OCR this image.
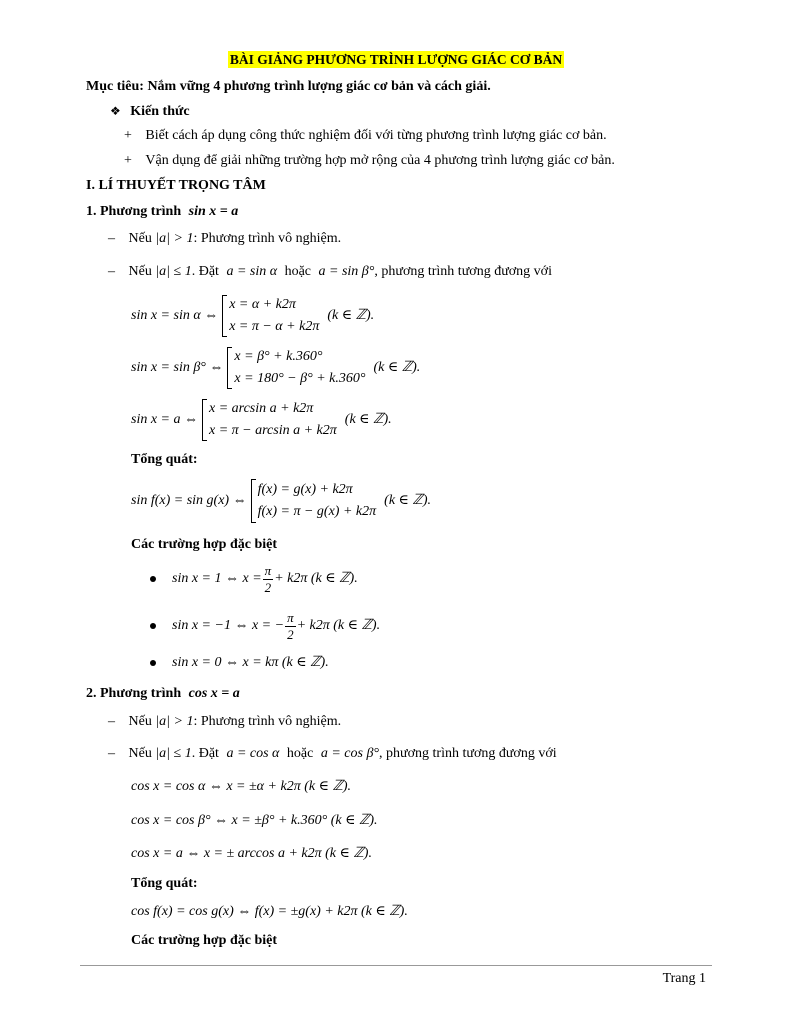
BÀI GIẢNG PHƯƠNG TRÌNH LƯỢNG GIÁC CƠ BẢN
Mục tiêu: Nắm vững 4 phương trình lượng giác cơ bản và cách giải.
❖ Kiến thức
+ Biết cách áp dụng công thức nghiệm đối với từng phương trình lượng giác cơ bản.
+ Vận dụng để giải những trường hợp mở rộng của 4 phương trình lượng giác cơ bản.
I. LÍ THUYẾT TRỌNG TÂM
1. Phương trình sin x = a
– Nếu |a| > 1: Phương trình vô nghiệm.
– Nếu |a| ≤ 1. Đặt a = sin α hoặc a = sin β°, phương trình tương đương với
sin x = sin α ⇔
x = α + k2π
x = π − α + k2π
(k ∈ ℤ).
sin x = sin β° ⇔
x = β° + k.360°
x = 180° − β° + k.360°
(k ∈ ℤ).
sin x = a ⇔
x = arcsin a + k2π
x = π − arcsin a + k2π
(k ∈ ℤ).
Tổng quát:
sin f(x) = sin g(x) ⇔
f(x) = g(x) + k2π
f(x) = π − g(x) + k2π
(k ∈ ℤ).
Các trường hợp đặc biệt
sin x = 1 ⇔ $x = \frac{\pi}{2} + k2\pi$ (k ∈ ℤ).
sin x = −1 ⇔ x = − $\frac{\pi}{2} + k2\pi$ (k ∈ ℤ).
sin x = 0 ⇔ x = kπ (k ∈ ℤ).
2. Phương trình cos x = a
– Nếu |a| > 1: Phương trình vô nghiệm.
– Nếu |a| ≤ 1. Đặt a = cos α hoặc a = cos β°, phương trình tương đương với
cos x = cos α ⇔ x = ±α + k2π (k ∈ ℤ).
cos x = cos β° ⇔ x = ±β° + k.360° (k ∈ ℤ).
cos x = a ⇔ x = ± arccos a + k2π (k ∈ ℤ).
Tổng quát:
cos f(x) = cos g(x) ⇔ f(x) = ±g(x) + k2π (k ∈ ℤ).
Các trường hợp đặc biệt
Trang 1
